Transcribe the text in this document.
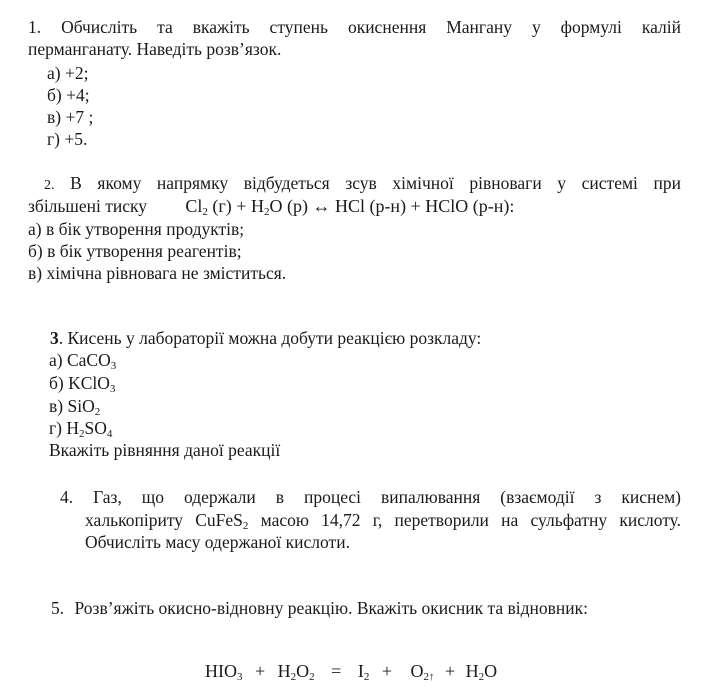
1. Обчисліть та вкажіть ступень окиснення Мангану у формулі калій
перманганату. Наведіть розв’язок.
а) +2;
б) +4;
в) +7 ;
г) +5.
2. В якому напрямку відбудеться зсув хімічної рівноваги у системі при
збільшені тиску $Cl_2$ $(г) + H_2O$ (р) ↔ HCl (р-н) + HClO (р-н):
а) в бік утворення продуктів;
б) в бік утворення реагентів;
в) хімічна рівновага не зміститься.
3. Кисень у лабораторії можна добути реакцією розкладу:
а) CaCO$_3$
б) KClO$_3$
в) SiO$_2$
г) $H_2SO_4$
Вкажіть рівняння даної реакції
4. Газ, що одержали в процесі випалювання (взаємодії з киснем)
халькопіриту CuFeS$_2$ масою 14,72 г, перетворили на сульфатну кислоту.
Обчисліть масу одержаної кислоти.
5. Розв’яжіть окисно-відновну реакцію. Вкажіть окисник та відновник:
$HIO_3 + H_2O_2 = I_2 + O_{2↑} + H_2O$
